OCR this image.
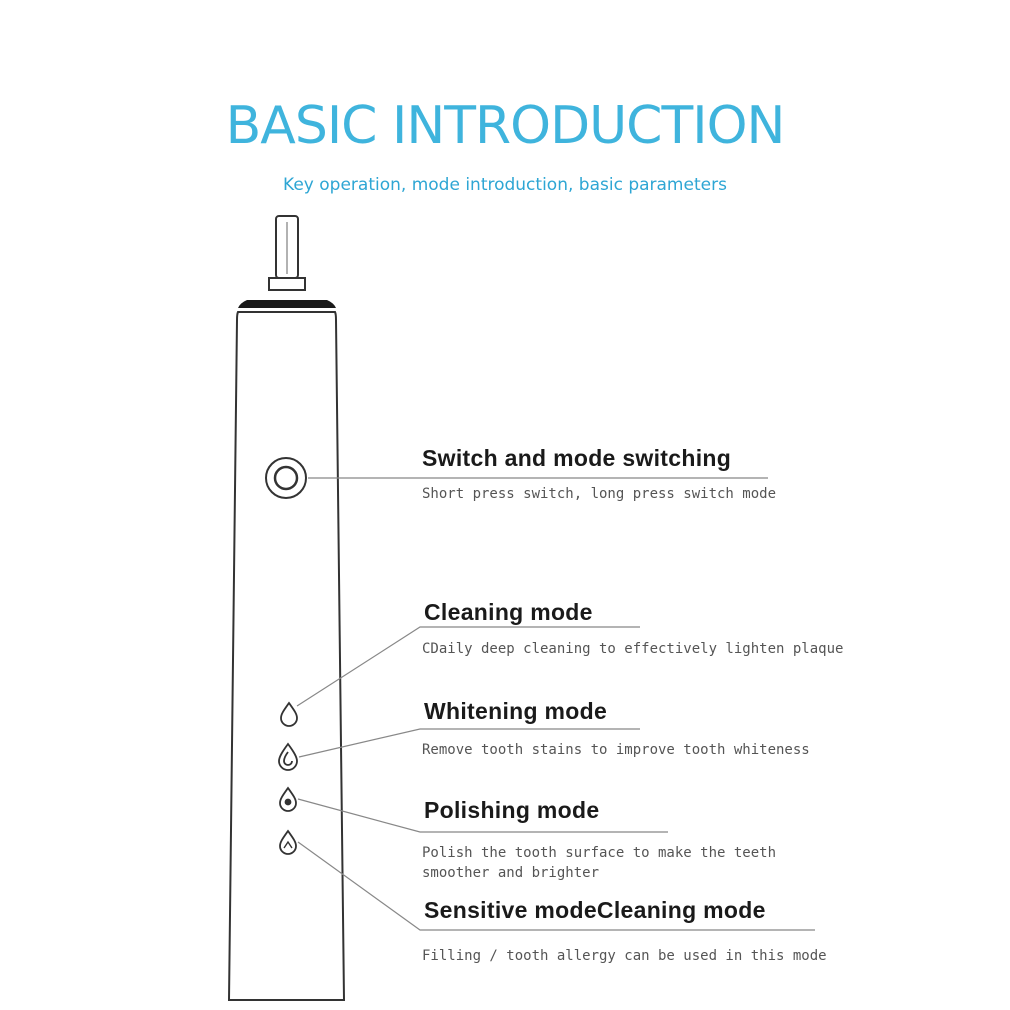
BASIC INTRODUCTION
Key operation, mode introduction, basic parameters
Switch and mode switching
Short press switch, long press switch mode
Cleaning mode
CDaily deep cleaning to effectively lighten plaque
Whitening mode
Remove tooth stains to improve tooth whiteness
Polishing mode
Polish the tooth surface to make the teeth
smoother and brighter
Sensitive modeCleaning mode
Filling / tooth allergy can be used in this mode
